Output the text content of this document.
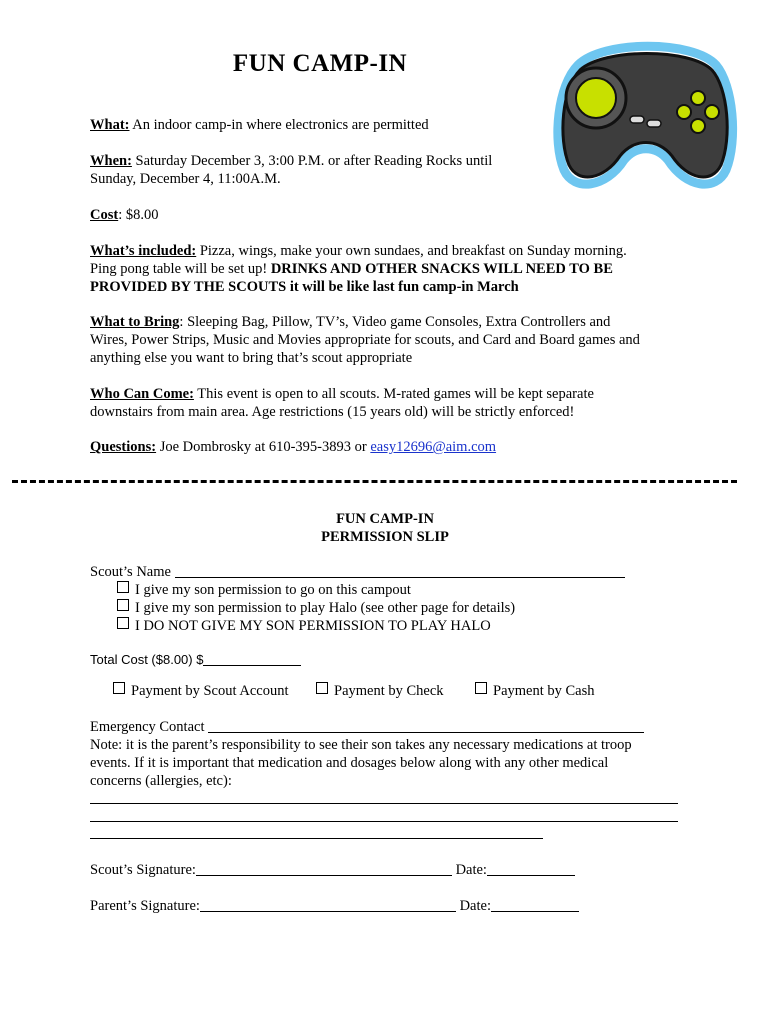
FUN CAMP-IN
What: An indoor camp-in where electronics are permitted
When: Saturday December 3, 3:00 P.M. or after Reading Rocks until
Sunday, December 4, 11:00A.M.
Cost: $8.00
What’s included: Pizza, wings, make your own sundaes, and breakfast on Sunday morning.
Ping pong table will be set up! DRINKS AND OTHER SNACKS WILL NEED TO BE
PROVIDED BY THE SCOUTS it will be like last fun camp-in March
What to Bring: Sleeping Bag, Pillow, TV’s, Video game Consoles, Extra Controllers and
Wires, Power Strips, Music and Movies appropriate for scouts, and Card and Board games and
anything else you want to bring that’s scout appropriate
Who Can Come: This event is open to all scouts. M-rated games will be kept separate
downstairs from main area. Age restrictions (15 years old) will be strictly enforced!
Questions: Joe Dombrosky at 610-395-3893 or easy12696@aim.com
FUN CAMP-IN
PERMISSION SLIP
Scout’s Name
I give my son permission to go on this campout
I give my son permission to play Halo (see other page for details)
I DO NOT GIVE MY SON PERMISSION TO PLAY HALO
Total Cost ($8.00) $
Payment by Scout Account	Payment by Check	Payment by Cash
Emergency Contact
Note: it is the parent’s responsibility to see their son takes any necessary medications at troop
events. If it is important that medication and dosages below along with any other medical
concerns (allergies, etc):
Scout’s Signature:	Date:
Parent’s Signature:	Date:
